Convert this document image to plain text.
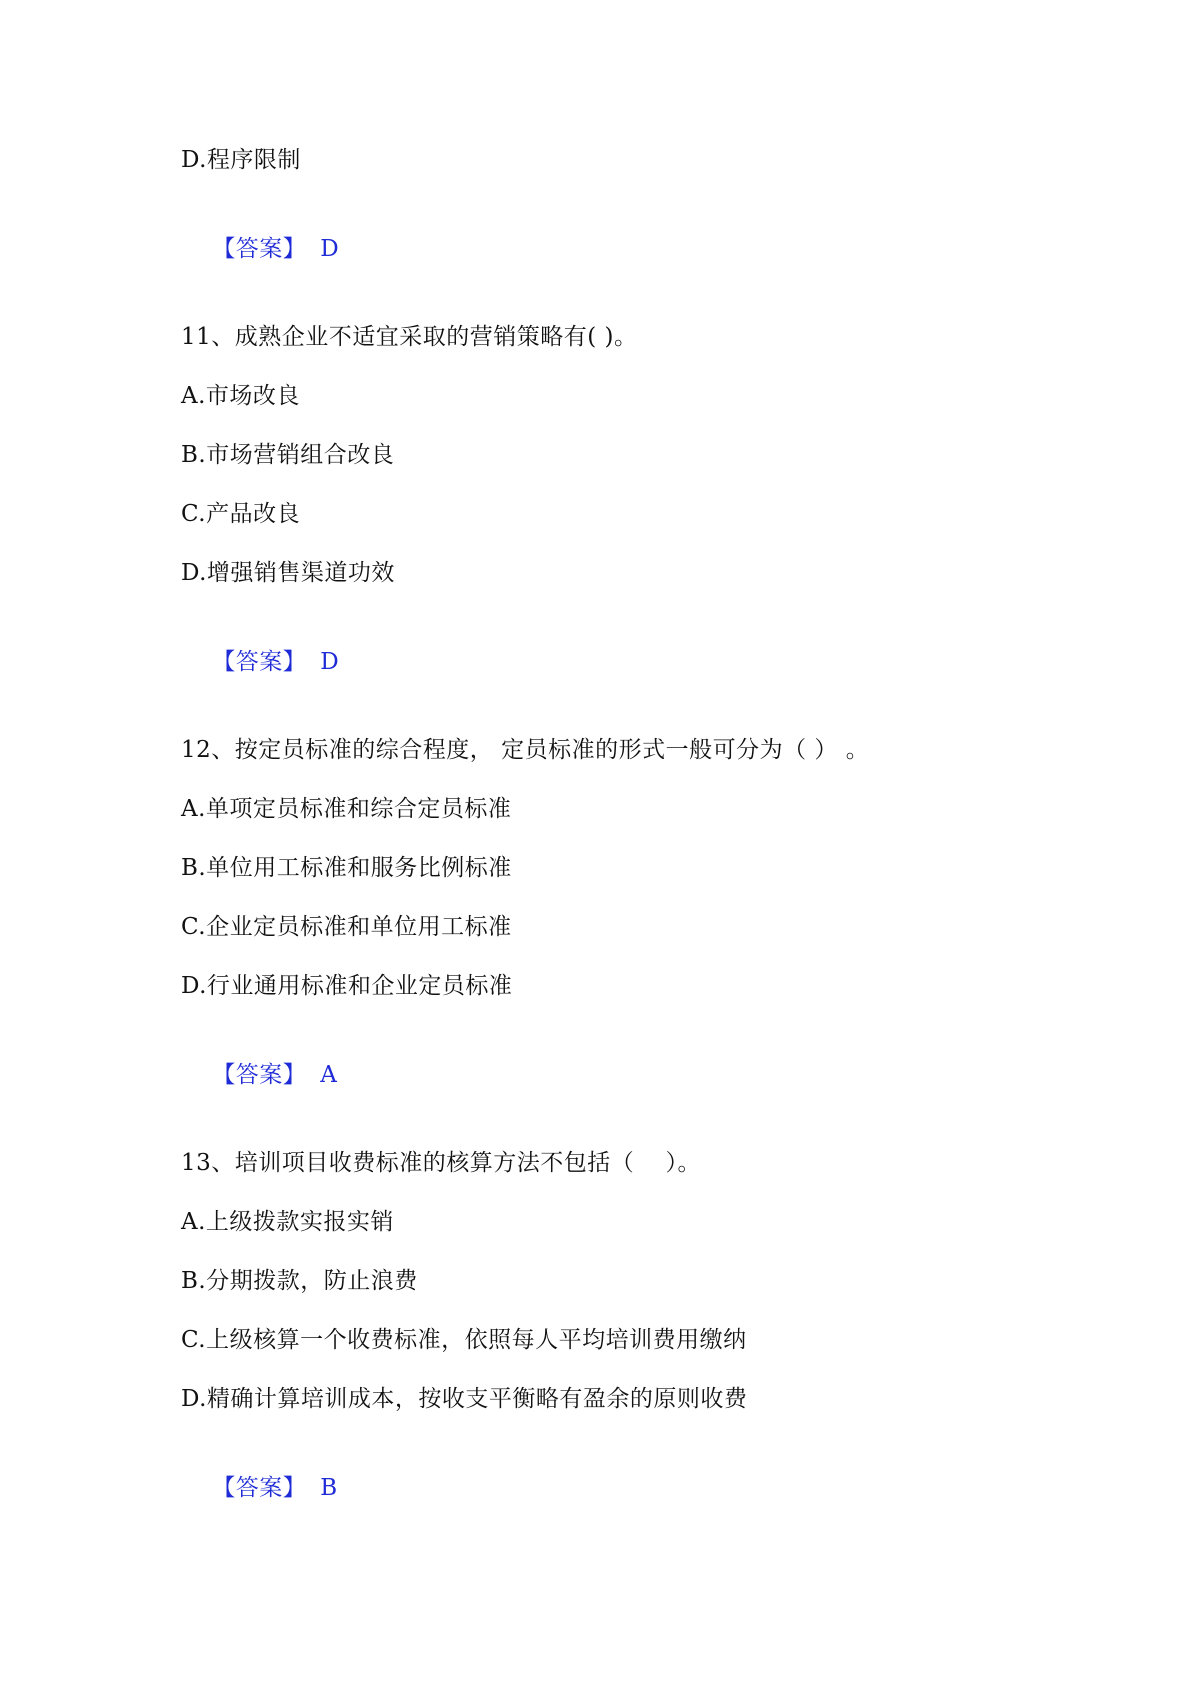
D.程序限制

【答案】 D

11、成熟企业不适宜采取的营销策略有( )。
A.市场改良
B.市场营销组合改良
C.产品改良
D.增强销售渠道功效

【答案】 D

12、按定员标准的综合程度， 定员标准的形式一般可分为（ ） 。
A.单项定员标准和综合定员标准
B.单位用工标准和服务比例标准
C.企业定员标准和单位用工标准
D.行业通用标准和企业定员标准

【答案】 A

13、培训项目收费标准的核算方法不包括（    ）。
A.上级拨款实报实销
B.分期拨款，防止浪费
C.上级核算一个收费标准，依照每人平均培训费用缴纳
D.精确计算培训成本，按收支平衡略有盈余的原则收费

【答案】 B
